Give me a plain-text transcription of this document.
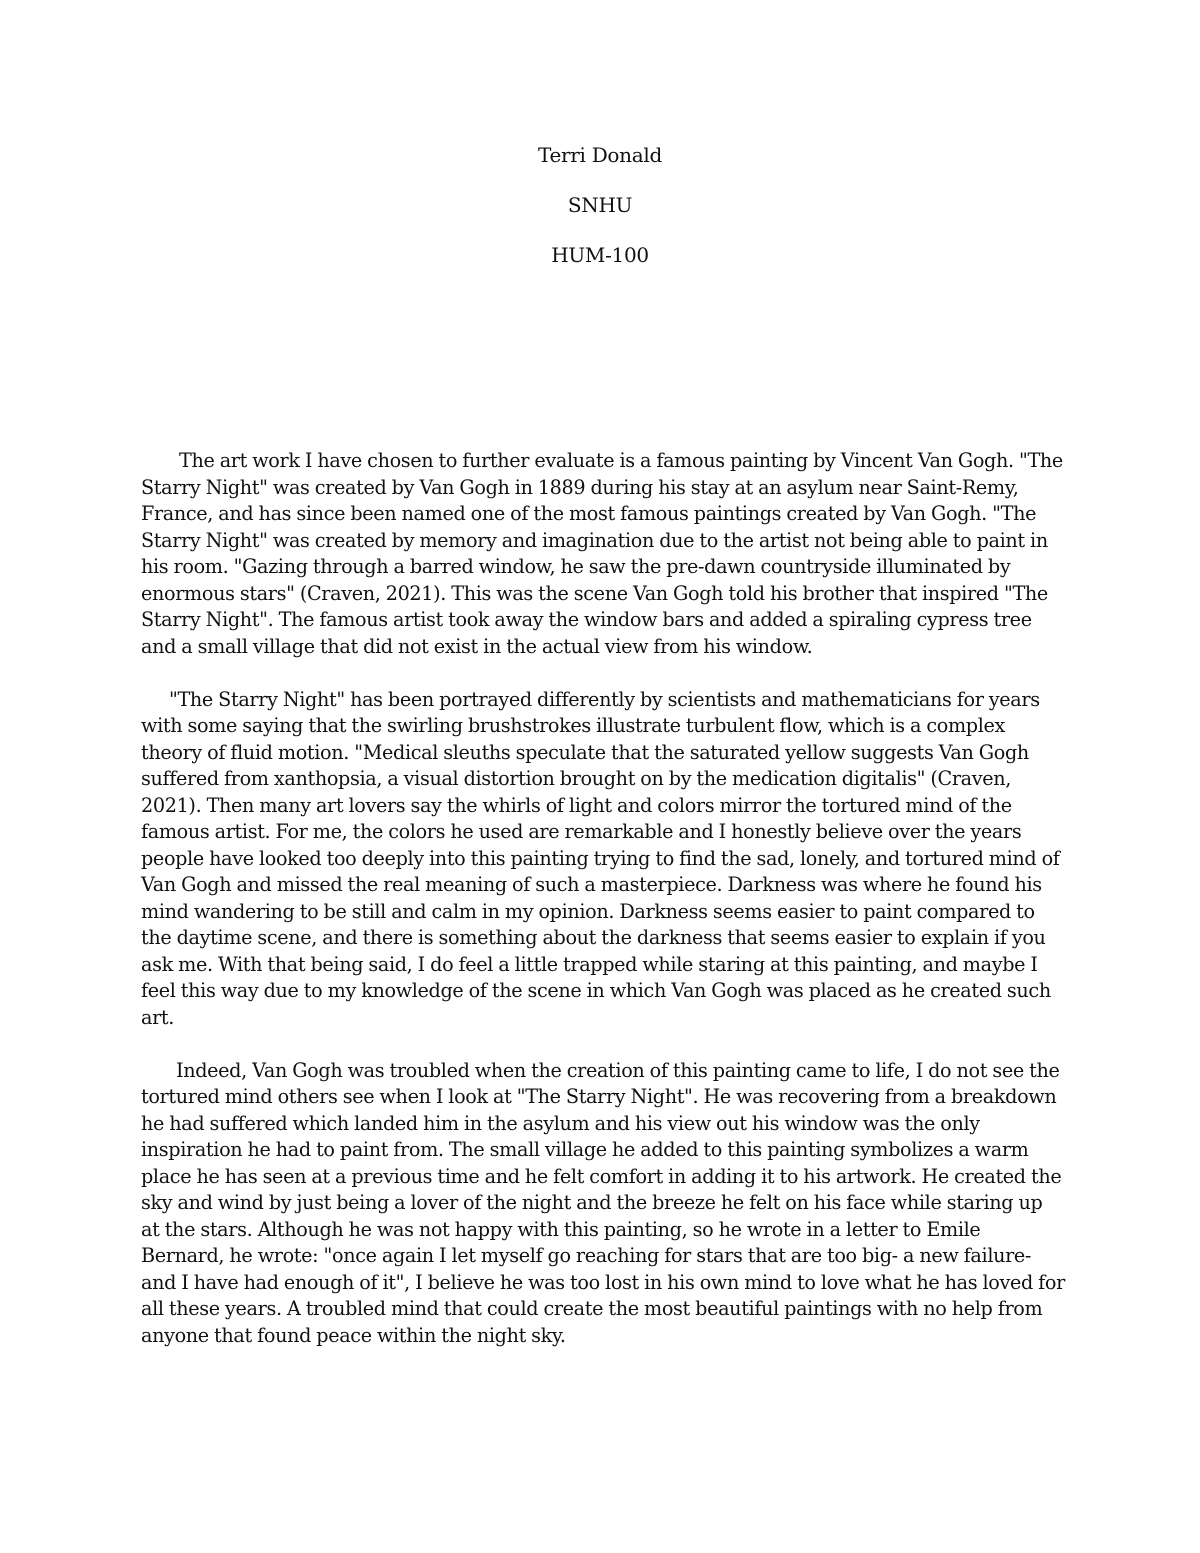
Terri Donald
SNHU
HUM-100

The art work I have chosen to further evaluate is a famous painting by Vincent Van Gogh. "The Starry Night" was created by Van Gogh in 1889 during his stay at an asylum near Saint-Remy, France, and has since been named one of the most famous paintings created by Van Gogh. "The Starry Night" was created by memory and imagination due to the artist not being able to paint in his room. "Gazing through a barred window, he saw the pre-dawn countryside illuminated by enormous stars" (Craven, 2021). This was the scene Van Gogh told his brother that inspired "The Starry Night". The famous artist took away the window bars and added a spiraling cypress tree and a small village that did not exist in the actual view from his window.

"The Starry Night" has been portrayed differently by scientists and mathematicians for years with some saying that the swirling brushstrokes illustrate turbulent flow, which is a complex theory of fluid motion. "Medical sleuths speculate that the saturated yellow suggests Van Gogh suffered from xanthopsia, a visual distortion brought on by the medication digitalis" (Craven, 2021). Then many art lovers say the whirls of light and colors mirror the tortured mind of the famous artist. For me, the colors he used are remarkable and I honestly believe over the years people have looked too deeply into this painting trying to find the sad, lonely, and tortured mind of Van Gogh and missed the real meaning of such a masterpiece. Darkness was where he found his mind wandering to be still and calm in my opinion. Darkness seems easier to paint compared to the daytime scene, and there is something about the darkness that seems easier to explain if you ask me. With that being said, I do feel a little trapped while staring at this painting, and maybe I feel this way due to my knowledge of the scene in which Van Gogh was placed as he created such art.

Indeed, Van Gogh was troubled when the creation of this painting came to life, I do not see the tortured mind others see when I look at "The Starry Night". He was recovering from a breakdown he had suffered which landed him in the asylum and his view out his window was the only inspiration he had to paint from. The small village he added to this painting symbolizes a warm place he has seen at a previous time and he felt comfort in adding it to his artwork. He created the sky and wind by just being a lover of the night and the breeze he felt on his face while staring up at the stars. Although he was not happy with this painting, so he wrote in a letter to Emile Bernard, he wrote: "once again I let myself go reaching for stars that are too big- a new failure- and I have had enough of it", I believe he was too lost in his own mind to love what he has loved for all these years. A troubled mind that could create the most beautiful paintings with no help from anyone that found peace within the night sky.
